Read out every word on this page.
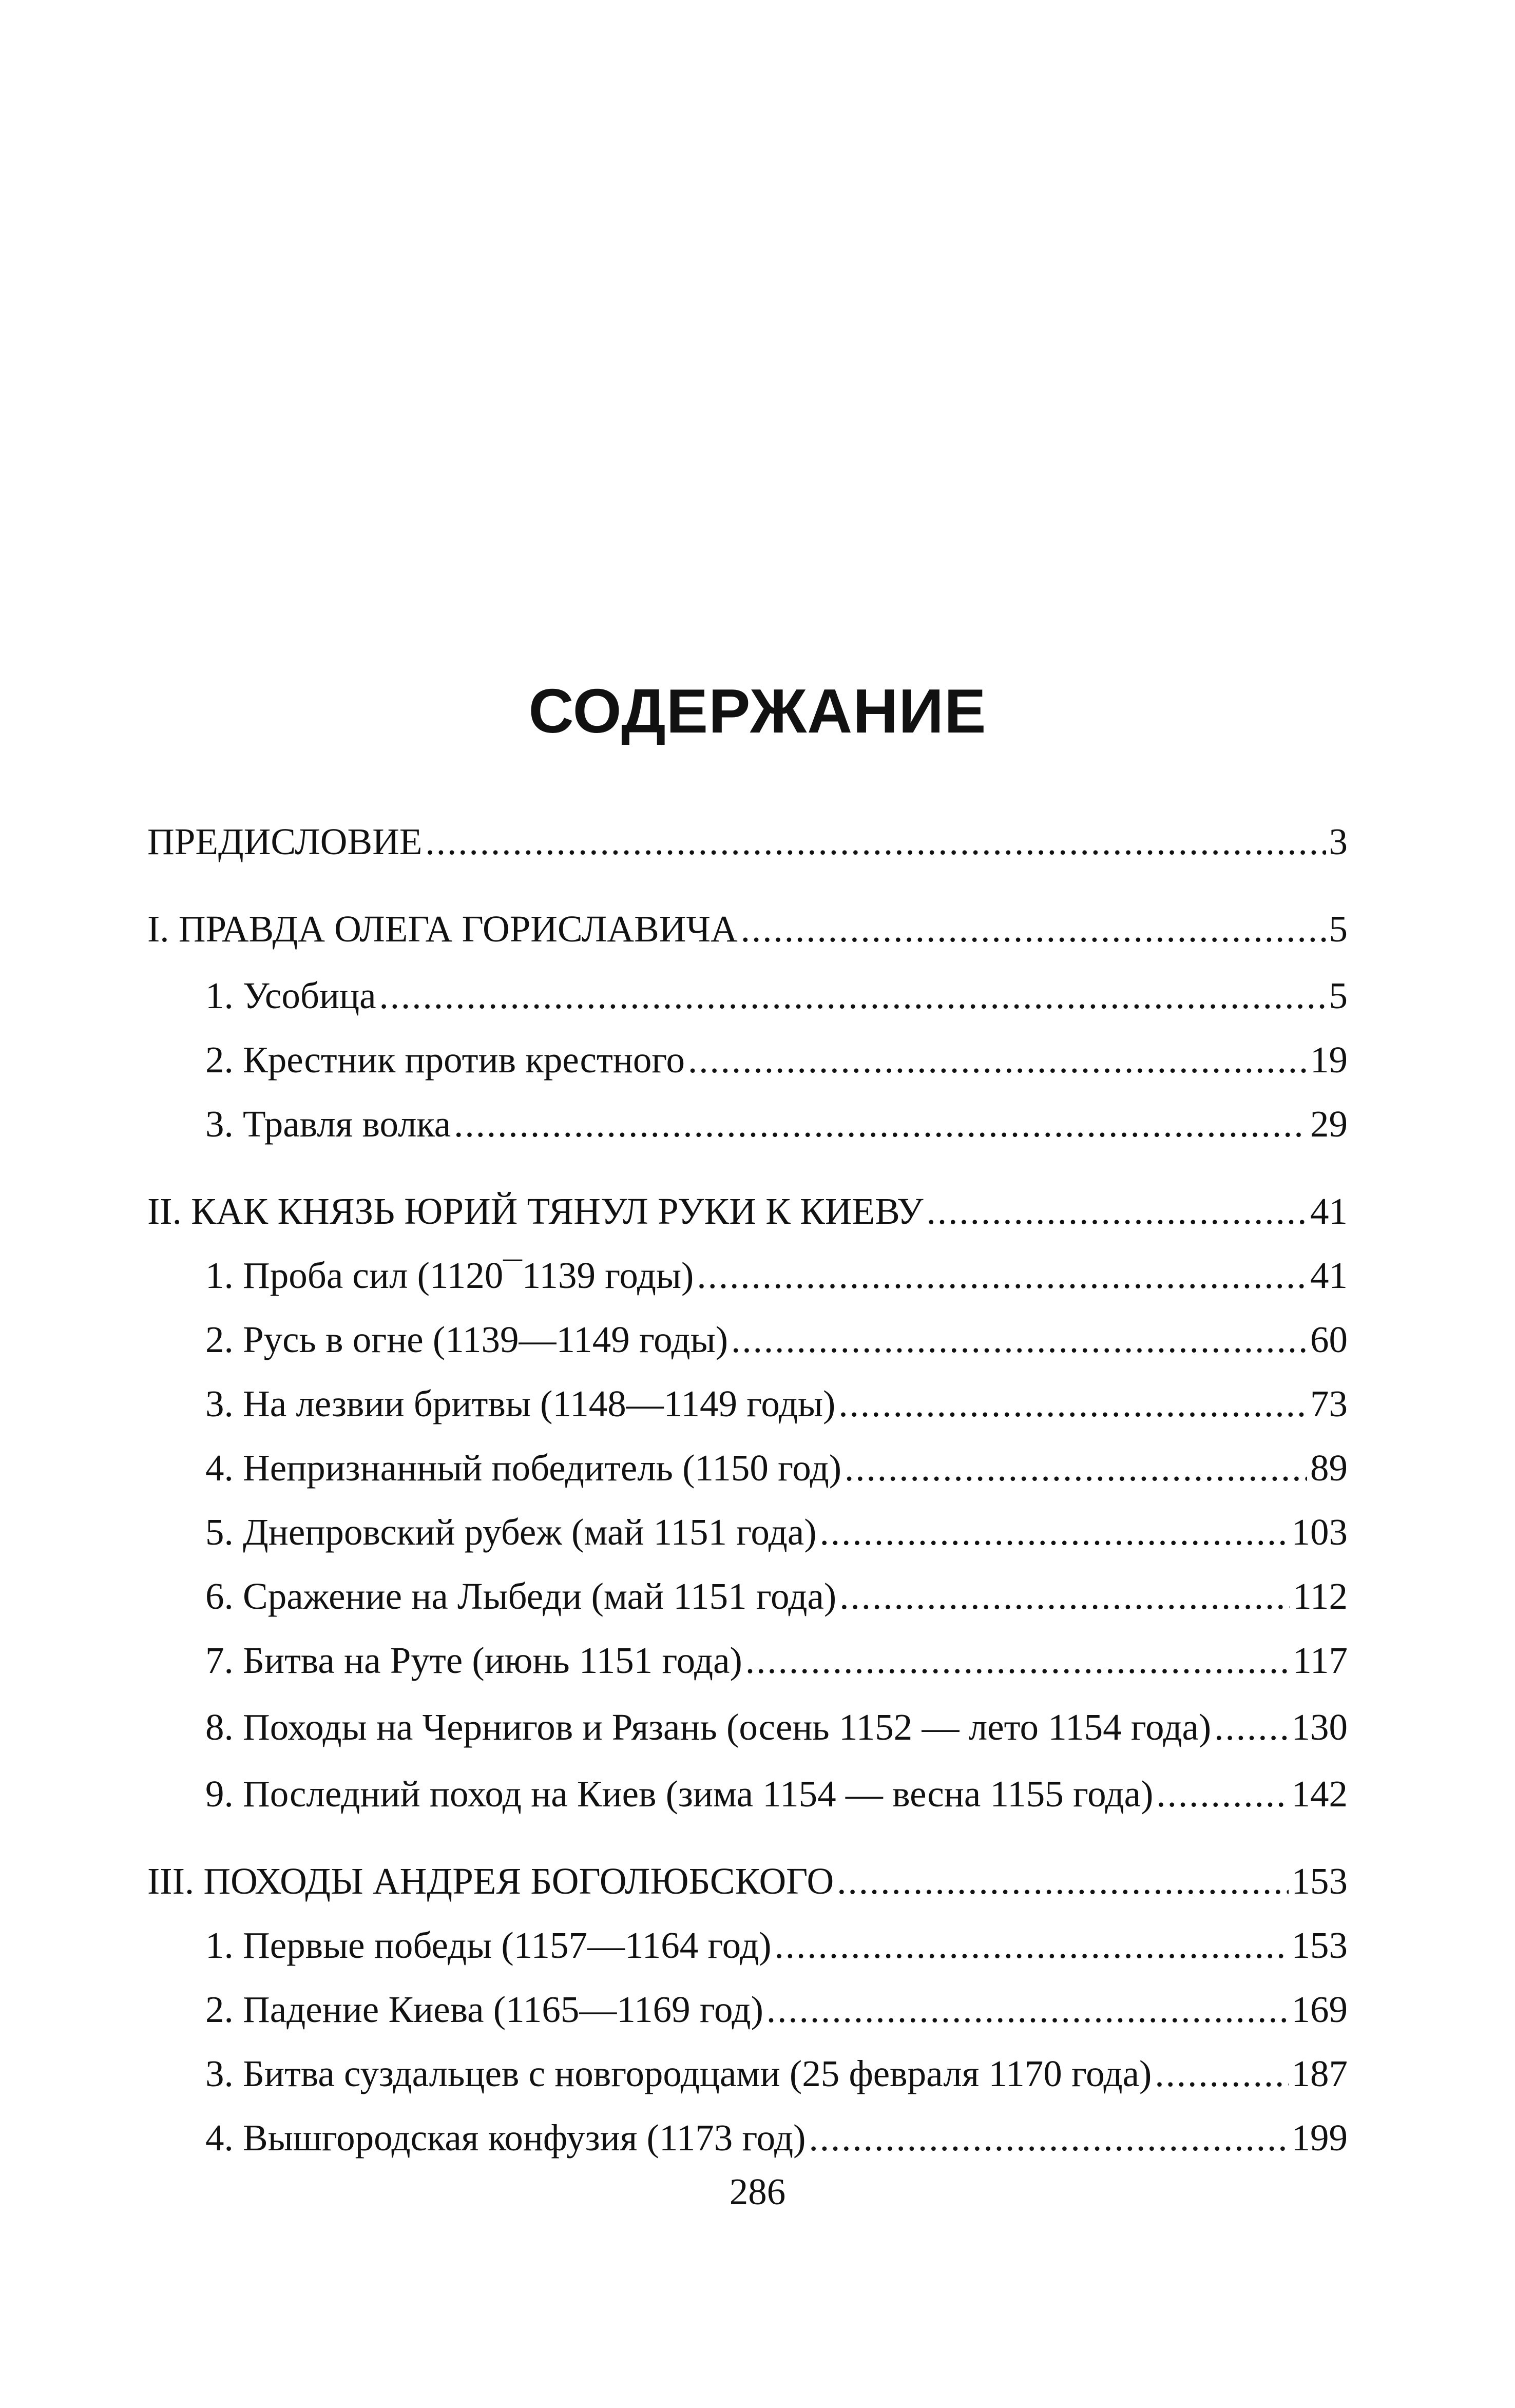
СОДЕРЖАНИЕ
ПРЕДИСЛОВИЕ .....	3
I. ПРАВДА ОЛЕГА ГОРИСЛАВИЧА .....	5
1. Усобица .....	5
2. Крестник против крестного .....	19
3. Травля волка .....	29
II. КАК КНЯЗЬ ЮРИЙ ТЯНУЛ РУКИ К КИЕВУ .....	41
1. Проба сил (1120¯1139 годы) .....	41
2. Русь в огне (1139—1149 годы) .....	60
3. На лезвии бритвы (1148—1149 годы) .....	73
4. Непризнанный победитель (1150 год) .....	89
5. Днепровский рубеж (май 1151 года) .....	103
6. Сражение на Лыбеди (май 1151 года) .....	112
7. Битва на Руте (июнь 1151 года) .....	117
8. Походы на Чернигов и Рязань (осень 1152 — лето 1154 года) ..... 130
9. Последний поход на Киев (зима 1154 — весна 1155 года) .....	142
III. ПОХОДЫ АНДРЕЯ БОГОЛЮБСКОГО .....	153
1. Первые победы (1157—1164 год) .....	153
2. Падение Киева (1165—1169 год) .....	169
3. Битва суздальцев с новгородцами (25 февраля 1170 года) .....	187
4. Вышгородская конфузия (1173 год) .....	199
286
